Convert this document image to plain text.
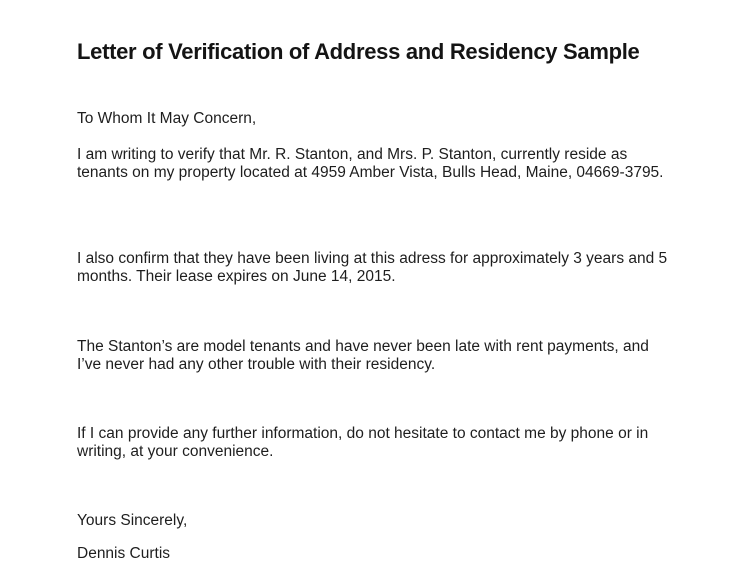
Letter of Verification of Address and Residency Sample

To Whom It May Concern,

I am writing to verify that Mr. R. Stanton, and Mrs. P. Stanton, currently reside as tenants on my property located at 4959 Amber Vista, Bulls Head, Maine, 04669-3795.

I also confirm that they have been living at this adress for approximately 3 years and 5 months. Their lease expires on June 14, 2015.

The Stanton’s are model tenants and have never been late with rent payments, and I’ve never had any other trouble with their residency.

If I can provide any further information, do not hesitate to contact me by phone or in writing, at your convenience.

Yours Sincerely,

Dennis Curtis
